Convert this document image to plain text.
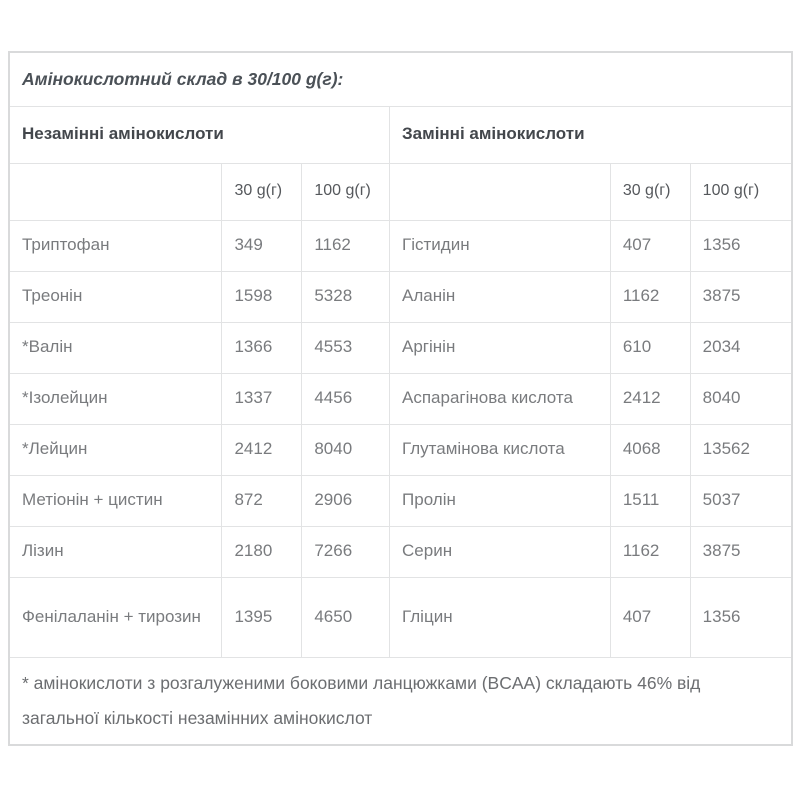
Амінокислотний склад в 30/100 g(г):					
Незамінні амінокислоти			Замінні амінокислоти		
	30 g(г)	100 g(г)		30 g(г)	100 g(г)
Триптофан	349	1162	Гістидин	407	1356
Треонін	1598	5328	Аланін	1162	3875
*Валін	1366	4553	Аргінін	610	2034
*Ізолейцин	1337	4456	Аспарагінова кислота	2412	8040
*Лейцин	2412	8040	Глутамінова кислота	4068	13562
Метіонін + цистин	872	2906	Пролін	1511	5037
Лізин	2180	7266	Серин	1162	3875
Фенілаланін + тирозин	1395	4650	Гліцин	407	1356
* амінокислоти з розгалуженими боковими ланцюжками (BCAA) складають 46% від загальної кількості незамінних амінокислот					
